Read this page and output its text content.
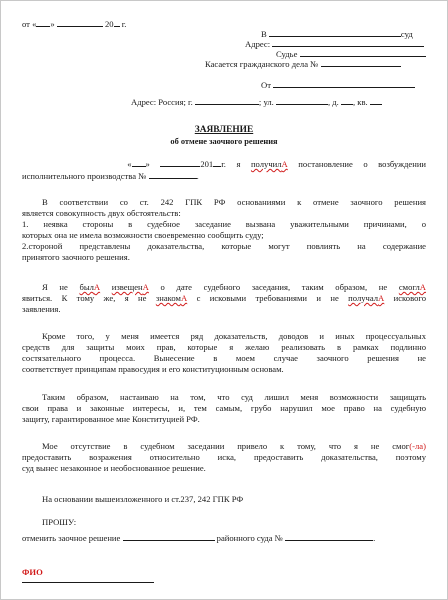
от « »	20 г.
В	суд
Адрес:
Судье
Касается гражданского дела №
От
Адрес: Россия; г.	; ул.	, д. , кв.
ЗАЯВЛЕНИЕ
об отмене заочного решения
« »	201 г. я получилА постановление о возбуждении
исполнительного производства №	.
В соответствии со ст. 242 ГПК РФ основаниями к отмене заочного решения
является совокупность двух обстоятельств:
1. неявка стороны в судебное заседание вызвана уважительными причинами, о
которых она не имела возможности своевременно сообщить суду;
2.стороной представлены доказательства, которые могут повлиять на содержание
принятого заочного решения.
Я не былА извещенА о дате судебного заседания, таким образом, не смоглА
явиться. К тому же, я не знакомА с исковыми требованиями и не получалА искового
заявления.
Кроме того, у меня имеется ряд доказательств, доводов и иных процессуальных
средств для защиты моих прав, которые я желаю реализовать в рамках подлинно
состязательного процесса. Вынесение в моем случае заочного решения не
соответствует принципам правосудия и его конституционным основам.
Таким образом, настаиваю на том, что суд лишил меня возможности защищать
свои права и законные интересы, и, тем самым, грубо нарушил мое право на судебную
защиту, гарантированное мне Конституцией РФ.
Мое отсутствие в судебном заседании привело к тому, что я не смог(-ла)
предоставить возражения относительно иска, предоставить доказательства, поэтому
суд вынес незаконное и необоснованное решение.
На основании вышеизложенного и ст.237, 242 ГПК РФ
ПРОШУ:
отменить заочное решение	районного суда №	.
ФИО
